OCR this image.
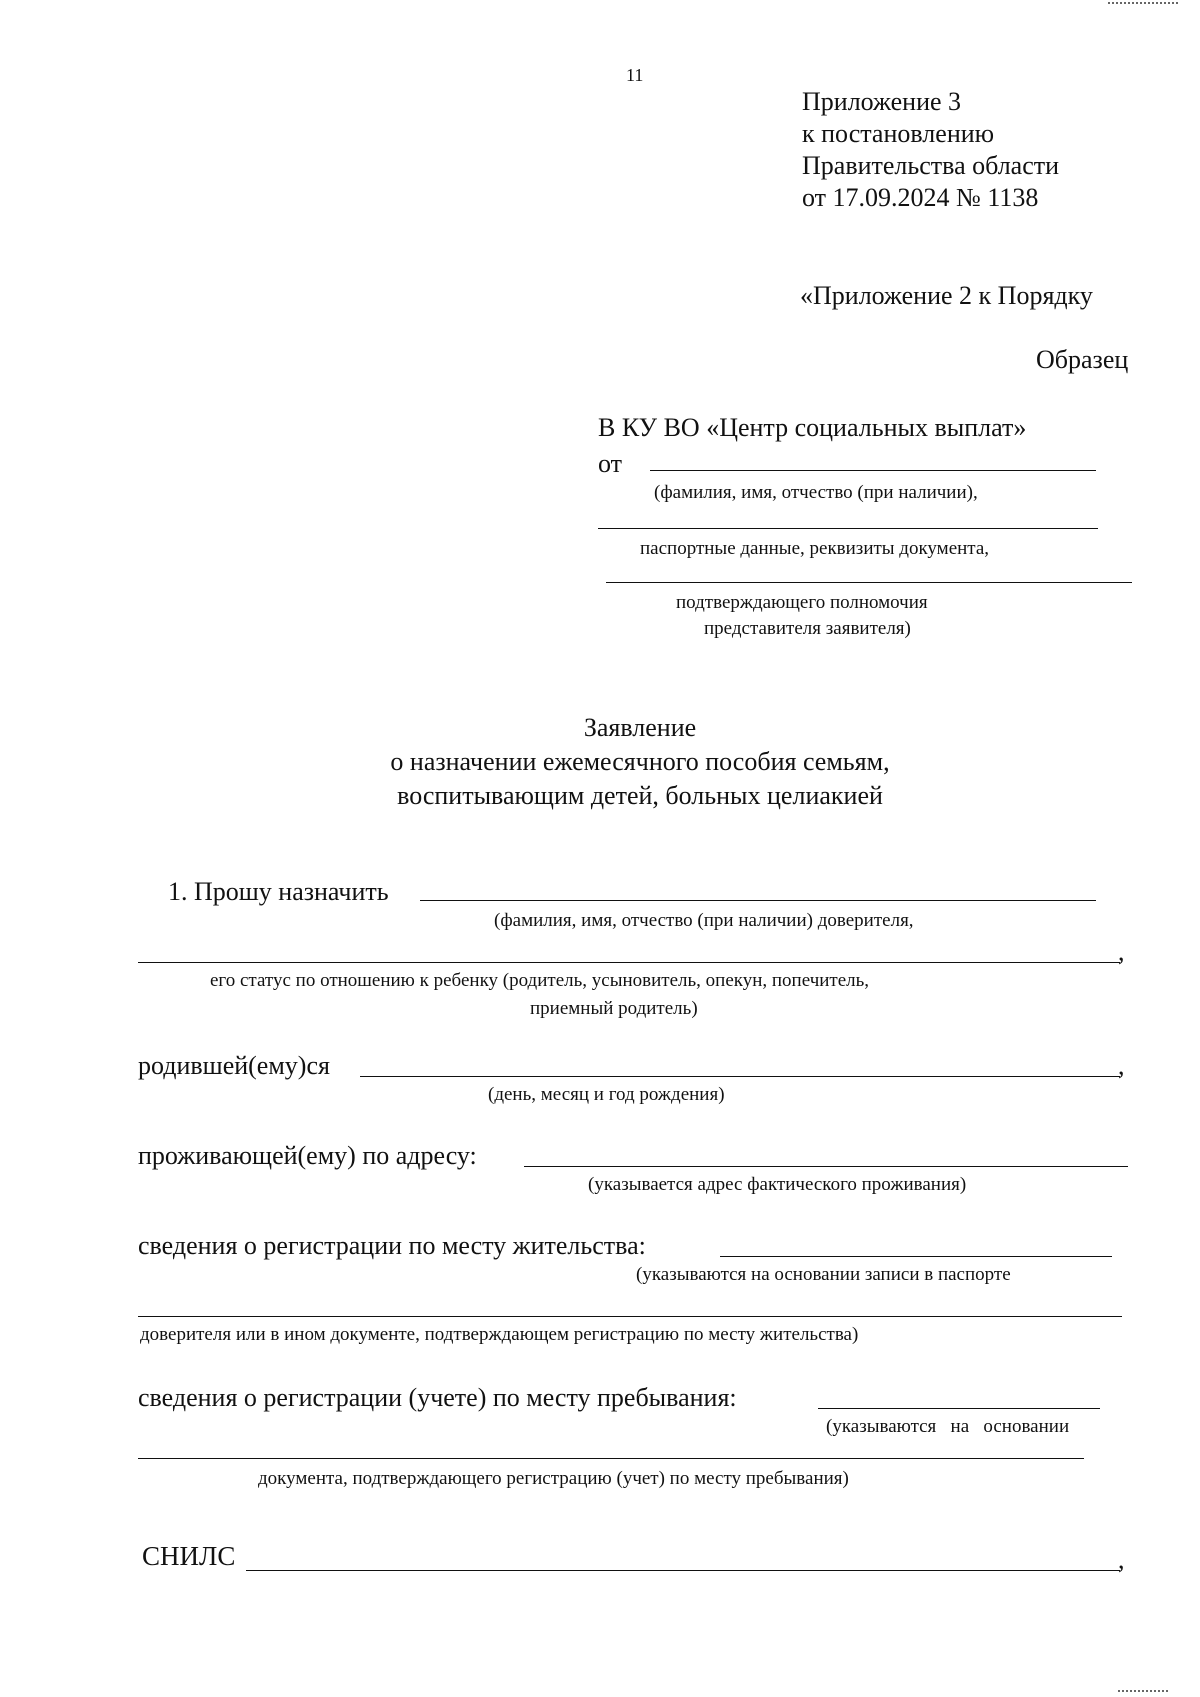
11
Приложение 3
к постановлению
Правительства области
от 17.09.2024 № 1138
«Приложение 2 к Порядку
Образец
В КУ ВО «Центр социальных выплат»
от
(фамилия, имя, отчество (при наличии),
паспортные данные, реквизиты документа,
подтверждающего полномочия
представителя заявителя)
Заявление
о назначении ежемесячного пособия семьям,
воспитывающим детей, больных целиакией
1. Прошу назначить
(фамилия, имя, отчество (при наличии) доверителя,
,
его статус по отношению к ребенку (родитель, усыновитель, опекун, попечитель,
приемный родитель)
родившей(ему)ся	,
(день, месяц и год рождения)
проживающей(ему) по адресу:
(указывается адрес фактического проживания)
сведения о регистрации по месту жительства:
(указываются на основании записи в паспорте
доверителя или в ином документе, подтверждающем регистрацию по месту жительства)
сведения о регистрации (учете) по месту пребывания:
(указываются   на   основании
документа, подтверждающего регистрацию (учет) по месту пребывания)
СНИЛС	,
